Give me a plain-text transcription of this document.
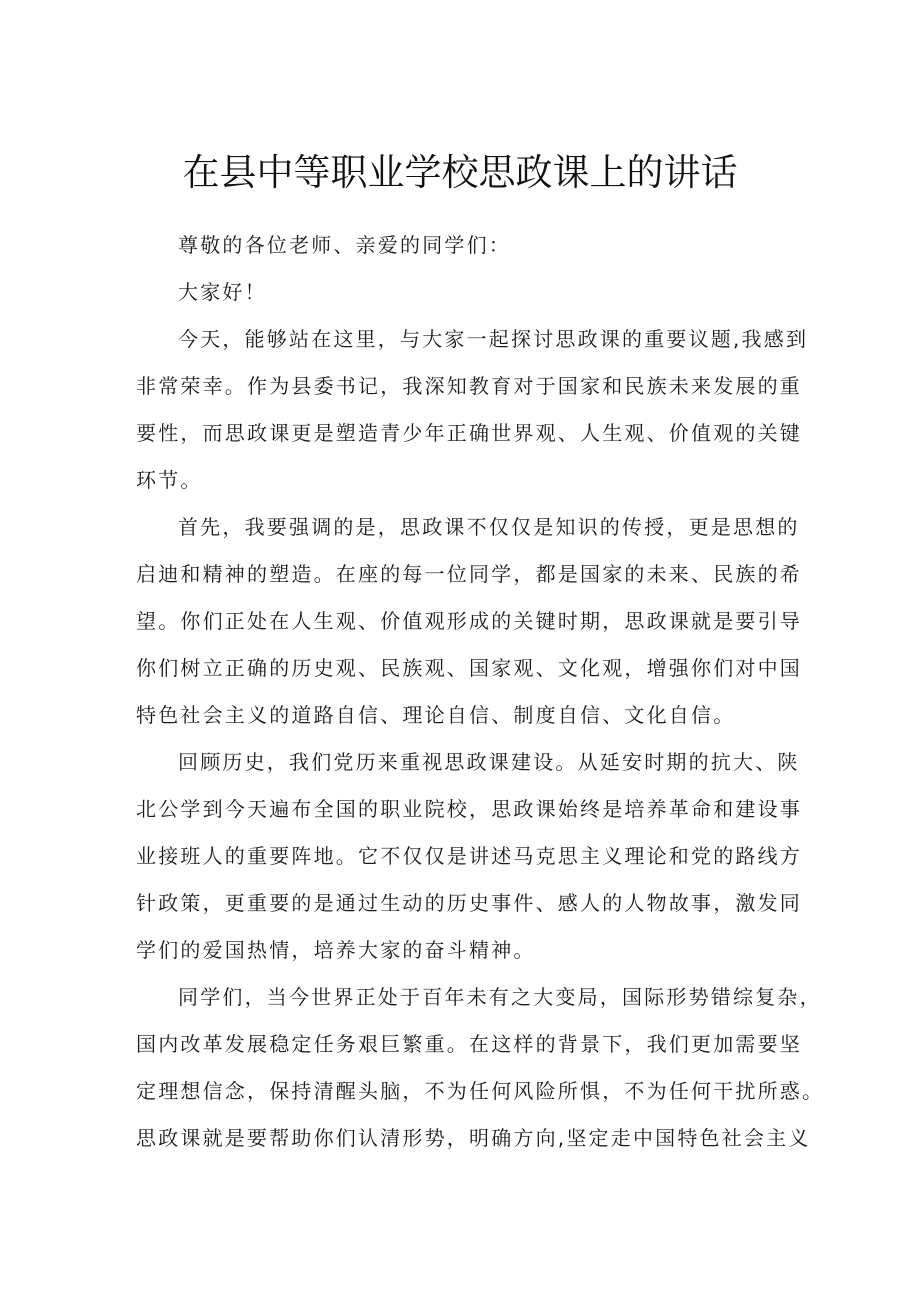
在县中等职业学校思政课上的讲话
尊敬的各位老师、亲爱的同学们：
大家好！
今天，能够站在这里，与大家一起探讨思政课的重要议题,我感到
非常荣幸。作为县委书记，我深知教育对于国家和民族未来发展的重
要性，而思政课更是塑造青少年正确世界观、人生观、价值观的关键
环节。
首先，我要强调的是，思政课不仅仅是知识的传授，更是思想的
启迪和精神的塑造。在座的每一位同学，都是国家的未来、民族的希
望。你们正处在人生观、价值观形成的关键时期，思政课就是要引导
你们树立正确的历史观、民族观、国家观、文化观，增强你们对中国
特色社会主义的道路自信、理论自信、制度自信、文化自信。
回顾历史，我们党历来重视思政课建设。从延安时期的抗大、陕
北公学到今天遍布全国的职业院校，思政课始终是培养革命和建设事
业接班人的重要阵地。它不仅仅是讲述马克思主义理论和党的路线方
针政策，更重要的是通过生动的历史事件、感人的人物故事，激发同
学们的爱国热情，培养大家的奋斗精神。
同学们，当今世界正处于百年未有之大变局，国际形势错综复杂，
国内改革发展稳定任务艰巨繁重。在这样的背景下，我们更加需要坚
定理想信念，保持清醒头脑，不为任何风险所惧，不为任何干扰所惑。
思政课就是要帮助你们认清形势，明确方向,坚定走中国特色社会主义
